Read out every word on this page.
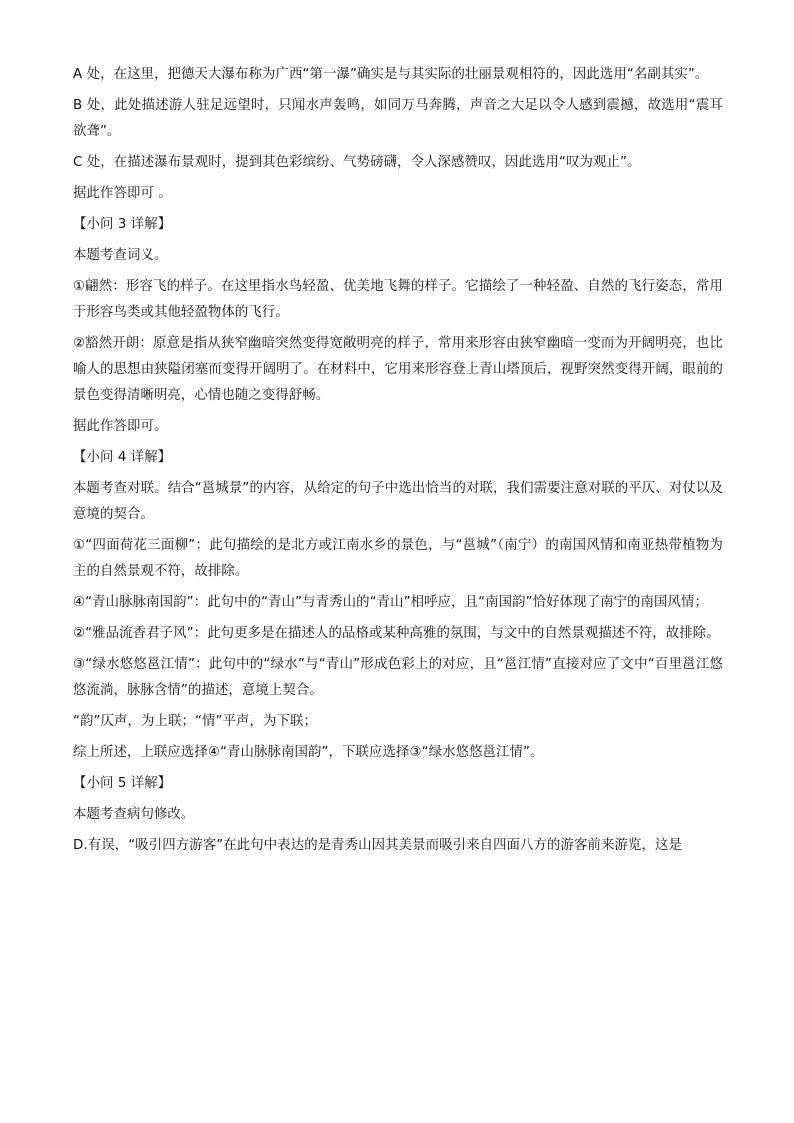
A 处，在这里，把德天大瀑布称为广西“第一瀑”确实是与其实际的壮丽景观相符的，因此选用“名副其实”。

B 处，此处描述游人驻足远望时，只闻水声轰鸣，如同万马奔腾，声音之大足以令人感到震撼，故选用“震耳欲聋”。

C 处，在描述瀑布景观时，提到其色彩缤纷、气势磅礴，令人深感赞叹，因此选用“叹为观止”。

据此作答即可 。

【小问 3 详解】

本题考查词义。

①翩然：形容飞的样子。在这里指水鸟轻盈、优美地飞舞的样子。它描绘了一种轻盈、自然的飞行姿态，常用于形容鸟类或其他轻盈物体的飞行。

②豁然开朗：原意是指从狭窄幽暗突然变得宽敞明亮的样子，常用来形容由狭窄幽暗一变而为开阔明亮，也比喻人的思想由狭隘闭塞而变得开阔明了。在材料中，它用来形容登上青山塔顶后，视野突然变得开阔，眼前的景色变得清晰明亮，心情也随之变得舒畅。

据此作答即可。

【小问 4 详解】

本题考查对联。结合“邕城景”的内容，从给定的句子中选出恰当的对联，我们需要注意对联的平仄、对仗以及意境的契合。

①“四面荷花三面柳”：此句描绘的是北方或江南水乡的景色，与“邕城”（南宁）的南国风情和南亚热带植物为主的自然景观不符，故排除。

④“青山脉脉南国韵”：此句中的“青山”与青秀山的“青山”相呼应，且“南国韵”恰好体现了南宁的南国风情；

②“雅品流香君子风”：此句更多是在描述人的品格或某种高雅的氛围，与文中的自然景观描述不符，故排除。

③“绿水悠悠邕江情”：此句中的“绿水”与“青山”形成色彩上的对应，且“邕江情”直接对应了文中“百里邕江悠悠流淌，脉脉含情”的描述，意境上契合。

“韵”仄声，为上联；“情”平声，为下联；

综上所述，上联应选择④“青山脉脉南国韵”，下联应选择③“绿水悠悠邕江情”。

【小问 5 详解】

本题考查病句修改。

D.有误，“吸引四方游客”在此句中表达的是青秀山因其美景而吸引来自四面八方的游客前来游览，这是
